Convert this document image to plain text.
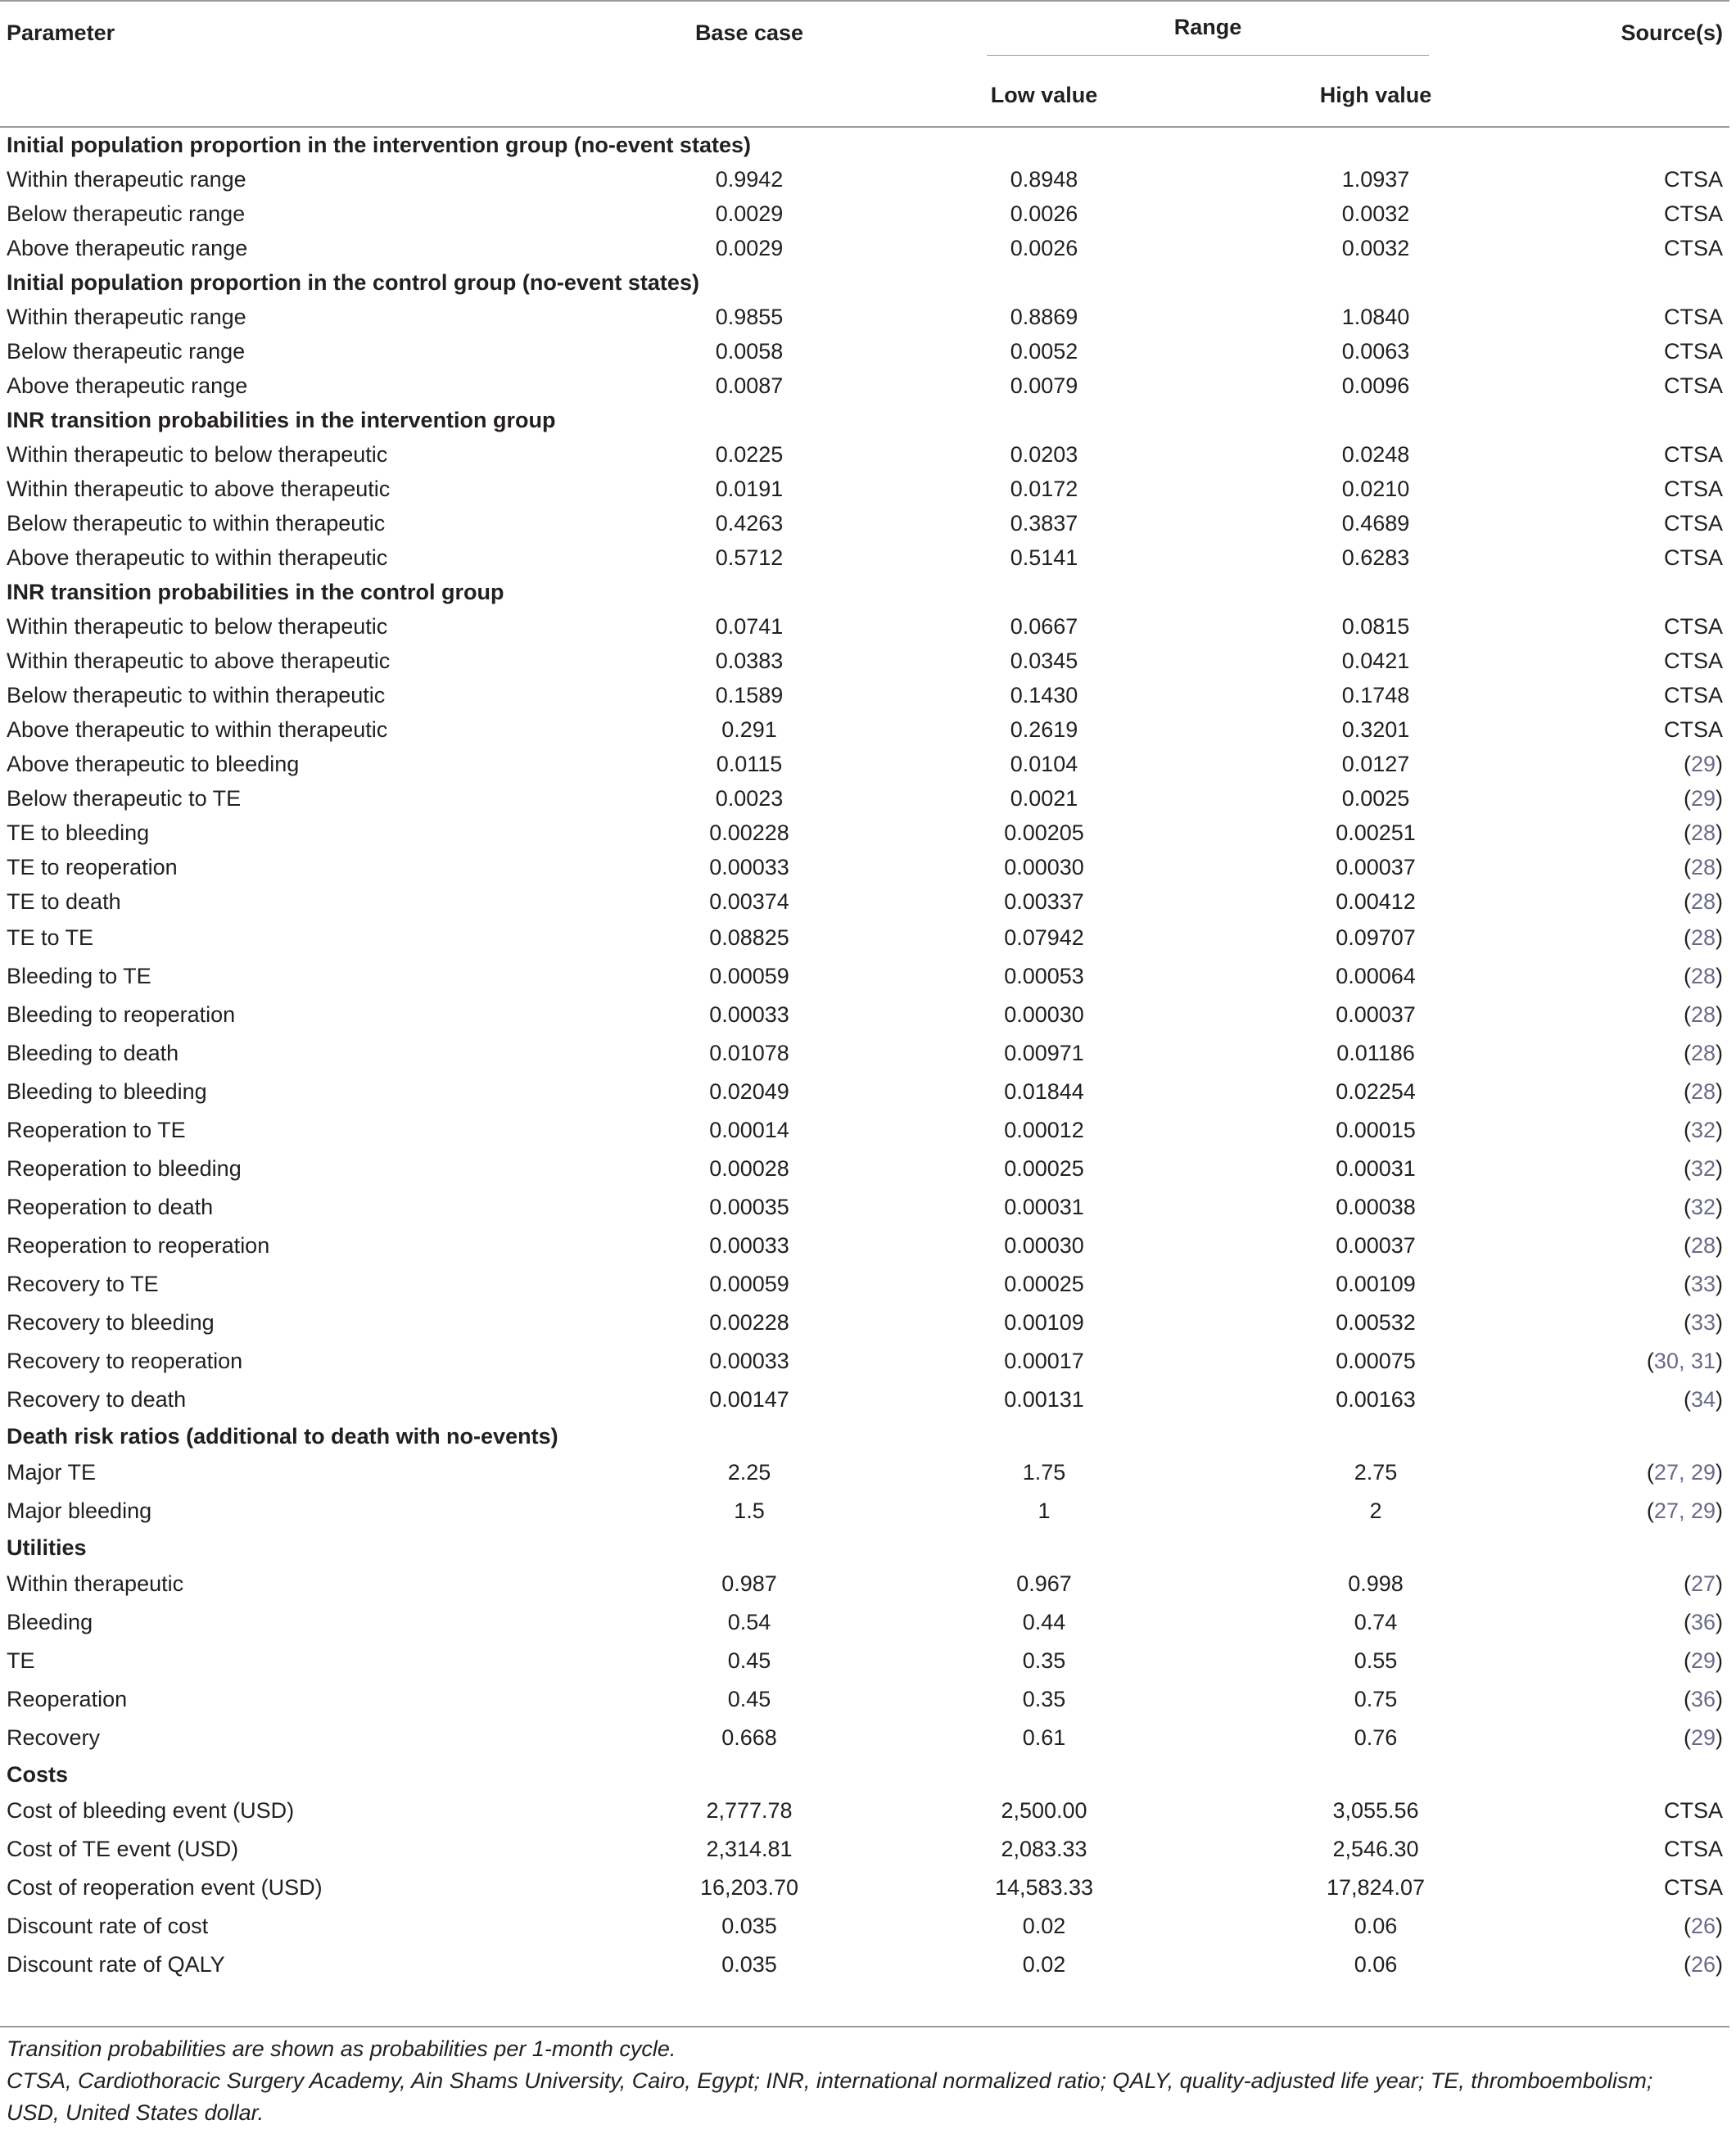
Parameter	Base case	Range		Source(s)
		Low value	High value	
Initial population proportion in the intervention group (no-event states)				
Within therapeutic range	0.9942	0.8948	1.0937	CTSA
Below therapeutic range	0.0029	0.0026	0.0032	CTSA
Above therapeutic range	0.0029	0.0026	0.0032	CTSA
Initial population proportion in the control group (no-event states)				
Within therapeutic range	0.9855	0.8869	1.0840	CTSA
Below therapeutic range	0.0058	0.0052	0.0063	CTSA
Above therapeutic range	0.0087	0.0079	0.0096	CTSA
INR transition probabilities in the intervention group				
Within therapeutic to below therapeutic	0.0225	0.0203	0.0248	CTSA
Within therapeutic to above therapeutic	0.0191	0.0172	0.0210	CTSA
Below therapeutic to within therapeutic	0.4263	0.3837	0.4689	CTSA
Above therapeutic to within therapeutic	0.5712	0.5141	0.6283	CTSA
INR transition probabilities in the control group				
Within therapeutic to below therapeutic	0.0741	0.0667	0.0815	CTSA
Within therapeutic to above therapeutic	0.0383	0.0345	0.0421	CTSA
Below therapeutic to within therapeutic	0.1589	0.1430	0.1748	CTSA
Above therapeutic to within therapeutic	0.291	0.2619	0.3201	CTSA
Above therapeutic to bleeding	0.0115	0.0104	0.0127	(29)
Below therapeutic to TE	0.0023	0.0021	0.0025	(29)
TE to bleeding	0.00228	0.00205	0.00251	(28)
TE to reoperation	0.00033	0.00030	0.00037	(28)
TE to death	0.00374	0.00337	0.00412	(28)
TE to TE	0.08825	0.07942	0.09707	(28)
Bleeding to TE	0.00059	0.00053	0.00064	(28)
Bleeding to reoperation	0.00033	0.00030	0.00037	(28)
Bleeding to death	0.01078	0.00971	0.01186	(28)
Bleeding to bleeding	0.02049	0.01844	0.02254	(28)
Reoperation to TE	0.00014	0.00012	0.00015	(32)
Reoperation to bleeding	0.00028	0.00025	0.00031	(32)
Reoperation to death	0.00035	0.00031	0.00038	(32)
Reoperation to reoperation	0.00033	0.00030	0.00037	(28)
Recovery to TE	0.00059	0.00025	0.00109	(33)
Recovery to bleeding	0.00228	0.00109	0.00532	(33)
Recovery to reoperation	0.00033	0.00017	0.00075	(30, 31)
Recovery to death	0.00147	0.00131	0.00163	(34)
Death risk ratios (additional to death with no-events)				
Major TE	2.25	1.75	2.75	(27, 29)
Major bleeding	1.5	1	2	(27, 29)
Utilities				
Within therapeutic	0.987	0.967	0.998	(27)
Bleeding	0.54	0.44	0.74	(36)
TE	0.45	0.35	0.55	(29)
Reoperation	0.45	0.35	0.75	(36)
Recovery	0.668	0.61	0.76	(29)
Costs				
Cost of bleeding event (USD)	2,777.78	2,500.00	3,055.56	CTSA
Cost of TE event (USD)	2,314.81	2,083.33	2,546.30	CTSA
Cost of reoperation event (USD)	16,203.70	14,583.33	17,824.07	CTSA
Discount rate of cost	0.035	0.02	0.06	(26)
Discount rate of QALY	0.035	0.02	0.06	(26)
Transition probabilities are shown as probabilities per 1-month cycle.
CTSA, Cardiothoracic Surgery Academy, Ain Shams University, Cairo, Egypt; INR, international normalized ratio; QALY, quality-adjusted life year; TE, thromboembolism;
USD, United States dollar.
